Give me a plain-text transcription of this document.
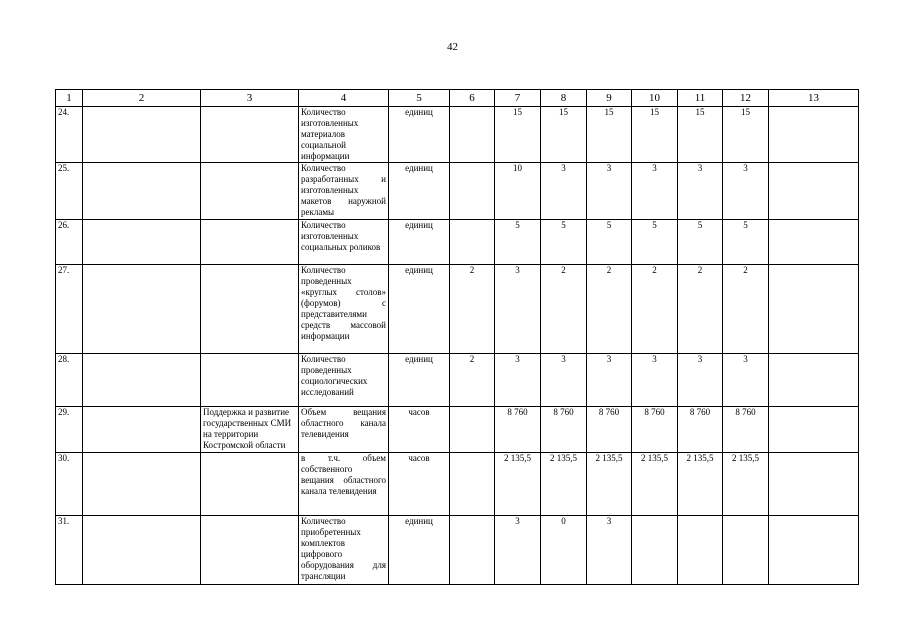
42
1	2	3	4	5	6	7	8	9	10	11	12	13
24.			Количество изготовленных материалов социальной информации	единиц		15	15	15	15	15	15	
25.			Количество разработанных и изготовленных макетов наружной рекламы	единиц		10	3	3	3	3	3	
26.			Количество изготовленных социальных роликов	единиц		5	5	5	5	5	5	
27.			Количество проведенных «круглых столов» (форумов) с представителями средств массовой информации	единиц	2	3	2	2	2	2	2	
28.			Количество проведенных социологических исследований	единиц	2	3	3	3	3	3	3	
29.		Поддержка и развитие государственных СМИ на территории Костромской области	Объем вещания областного канала телевидения	часов		8 760	8 760	8 760	8 760	8 760	8 760	
30.			в т.ч. объем собственного вещания областного канала телевидения	часов		2 135,5	2 135,5	2 135,5	2 135,5	2 135,5	2 135,5	
31.			Количество приобретенных комплектов цифрового оборудования для трансляции	единиц		3	0	3				
